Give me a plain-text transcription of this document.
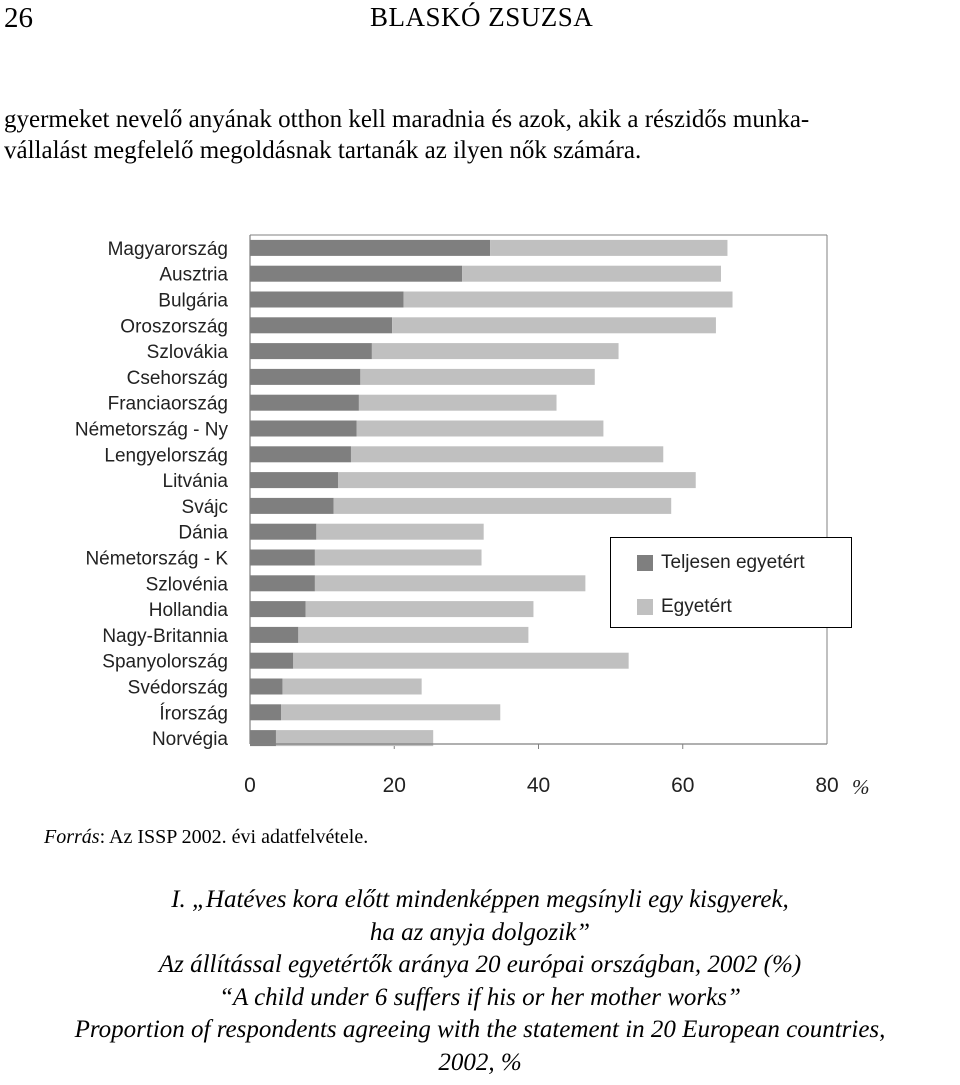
26	BLASKÓ ZSUZSA
gyermeket nevelő anyának otthon kell maradnia és azok, akik a részidős munka-
vállalást megfelelő megoldásnak tartanák az ilyen nők számára.
Magyarország
Ausztria
Bulgária
Oroszország
Szlovákia
Csehország
Franciaország
Németország - Ny
Lengyelország
Litvánia
Svájc
Dánia
Németország - K
Szlovénia
Hollandia
Nagy-Britannia
Spanyolország
Svédország
Írország
Norvégia
0	20	40	60	80 %
Teljesen egyetért
Egyetért
Forrás: Az ISSP 2002. évi adatfelvétele.
I. „Hatéves kora előtt mindenképpen megsínyli egy kisgyerek,
ha az anyja dolgozik”
Az állítással egyetértők aránya 20 európai országban, 2002 (%)
“A child under 6 suffers if his or her mother works”
Proportion of respondents agreeing with the statement in 20 European countries,
2002, %
